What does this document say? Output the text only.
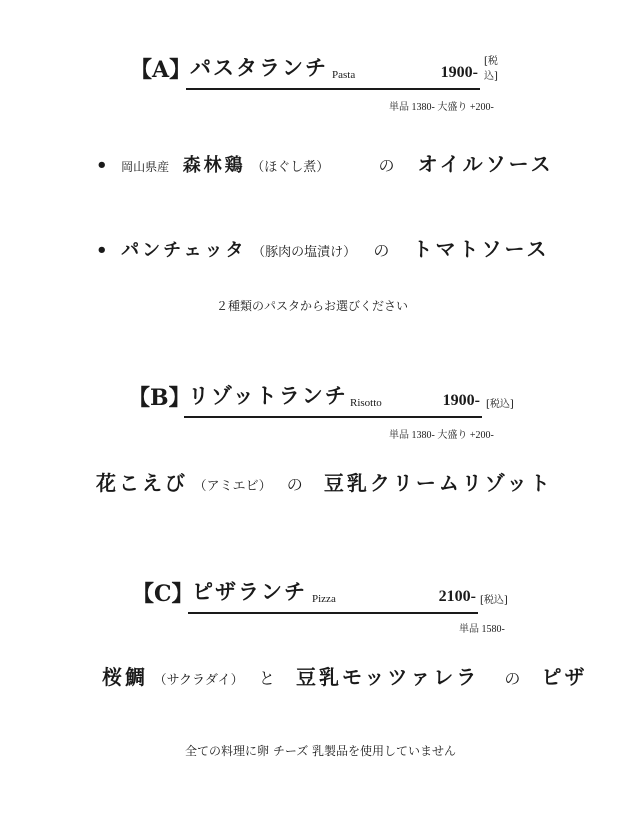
【A】
パスタランチ Pasta	1900-
[税込]
単品 1380- 大盛り +200-
• 岡山県産 森林鶏 （ほぐし煮）	の オイルソース
• パンチェッタ （豚肉の塩漬け） の トマトソース
２種類のパスタからお選びください
【B】
リゾットランチ Risotto	1900- [税込]
単品 1380- 大盛り +200-
花こえび （アミエビ） の 豆乳クリームリゾット
【C】
ピザランチ Pizza	2100- [税込]
単品 1580-
桜鯛 （サクラダイ） と 豆乳モッツァレラ の ピザ
全ての料理に卵 チーズ 乳製品を使用していません
